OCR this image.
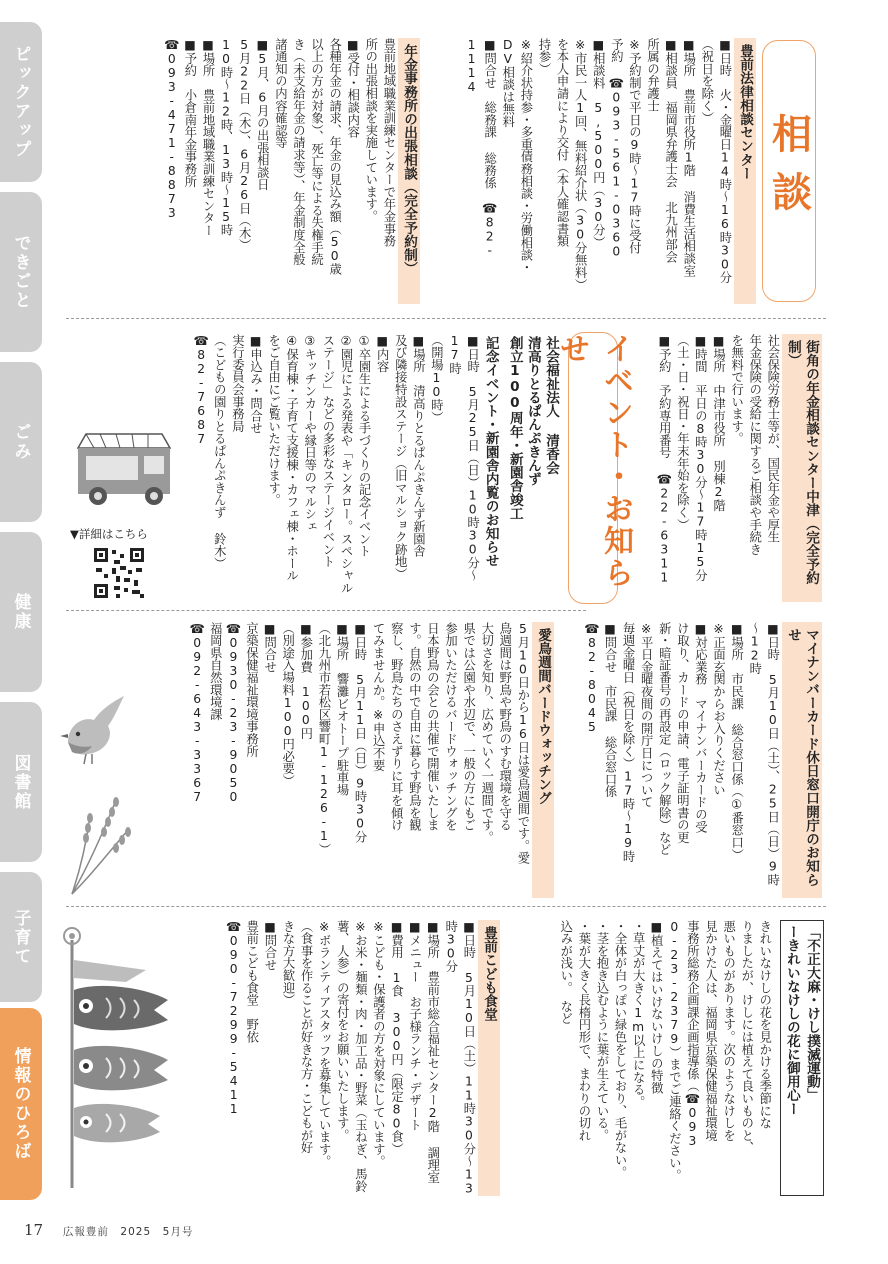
ピックアップ
できごと
ごみ
健康
図書館
子育て
情報のひろば
相談
イベント・お知らせ

豊前法律相談センター

■日時　火・金曜日14時～16時30分

（祝日を除く）

■場所　豊前市役所1階 消費生活相談室

■相談員　福岡県弁護士会 北九州部会

所属の弁護士

※予約制で平日の9時～17時に受付

予約 ☎093-561-0360

■相談料　5,500円（30分）

※市民一人1回、無料紹介状（30分無料）

を本人申請により交付（本人確認書類

持参）

※紹介状持参・多重債務相談・労働相談・

DV相談は無料

■問合せ　総務課 総務係　☎82-1114

年金事務所の出張相談（完全予約制）

豊前地域職業訓練センターで年金事務

所の出張相談を実施しています。

■受付・相談内容

各種年金の請求、年金の見込み額（50歳

以上の方が対象）、死亡等による失権手続

き（未支給年金の請求等）、年金制度全般

諸通知の内容確認等

■5月、6月の出張相談日

5月22日（木）、6月26日（木）

10時～12時、13時～15時

■場所　豊前地域職業訓練センター

■予約　小倉南年金事務所

☎093-471-8873

街角の年金相談センター中津（完全予約制）

社会保険労務士等が、国民年金や厚生

年金保険の受給に関するご相談や手続き

を無料で行います。

■場所　中津市役所 別棟2階

■時間　平日の8時30分～17時15分

（土・日・祝日・年末年始を除く）

■予約　予約専用番号 ☎22-6311

社会福祉法人 清香会

清高りとるぱんぷきんず

創立100周年・新園舎竣工

記念イベント・新園舎内覧のお知らせ

■日時　5月25日（日）10時30分～17時

（開場10時）

■場所　清高りとるぱんぷきんず新園舎

及び隣接特設ステージ（旧マルショク跡地）

■内容

①卒園生による手づくりの記念イベント

②園児による発表や「キンタロー。スペシャル

ステージ」などの多彩なステージイベント

③キッチンカーや縁日等のマルシェ

④保育棟・子育て支援棟・カフェ棟・ホール

をご自由にご覧いただけます。

■申込み・問合せ

実行委員会事務局

（こどもの園りとるぱんぷきんず 鈴木）

☎82-7687

▼詳細はこちら

マイナンバーカード休日窓口開庁のお知らせ

■日時　5月10日（土）、25日（日）9時～12時

■場所　市民課 総合窓口係（①番窓口）

※正面玄関からお入りください

■対応業務　マイナンバーカードの受

け取り、カードの申請、電子証明書の更

新・暗証番号の再設定（ロック解除）など

※平日金曜夜間の開庁日について

毎週金曜日（祝日を除く）17時～19時

■問合せ　市民課 総合窓口係

☎82-8045

愛鳥週間バードウォッチング

5月10日から16日は愛鳥週間です。愛

鳥週間は野鳥や野鳥のすむ環境を守る

大切さを知り、広めていく一週間です。

県では公園や水辺で、一般の方にもご

参加いただけるバードウォッチングを

日本野鳥の会との共催で開催いたしま

す。自然の中で自由に暮らす野鳥を観

察し、野鳥たちのさえずりに耳を傾け

てみませんか。※申込不要

■日時　5月11日（日）9時30分

■場所　響灘ビオトープ駐車場

（北九州市若松区響町1-126-1）

■参加費　100円

（別途入場料100円必要）

■問合せ

京築保健福祉環境事務所

☎0930-23-9050

福岡県自然環境課

☎092-643-3367

「不正大麻・けし撲滅運動」

ーきれいなけしの花に御用心ー

きれいなけしの花を見かける季節にな

りましたが、けしには植えて良いものと、

悪いものがあります。次のようなけしを

見かけた人は、福岡県京築保健福祉環境

事務所総務企画課企画指導係（☎093

0-23-2379）までご連絡ください。

■植えてはいけないけしの特徴

・草丈が大きく1m以上になる。

・全体が白っぽい緑色をしており、毛がない。

・茎を抱き込むように葉が生えている。

・葉が大きく長楕円形で、まわりの切れ

込みが浅い。　など

豊前こども食堂

■日時　5月10日（土）11時30分～13時30分

■場所　豊前市総合福祉センター2階 調理室

■メニュー　お子様ランチ・デザート

■費用　1食 300円（限定80食）

※こども・保護者の方を対象にしています。

※お米・麺類・肉・加工品・野菜（玉ねぎ、馬鈴

薯、人参）の寄付をお願いいたします。

※ボランティアスタッフを募集しています。

（食事を作ることが好きな方・こどもが好

きな方大歓迎）

■問合せ

豊前こども食堂　野依

☎090-7299-5411

17 広報豊前　2025　5月号
